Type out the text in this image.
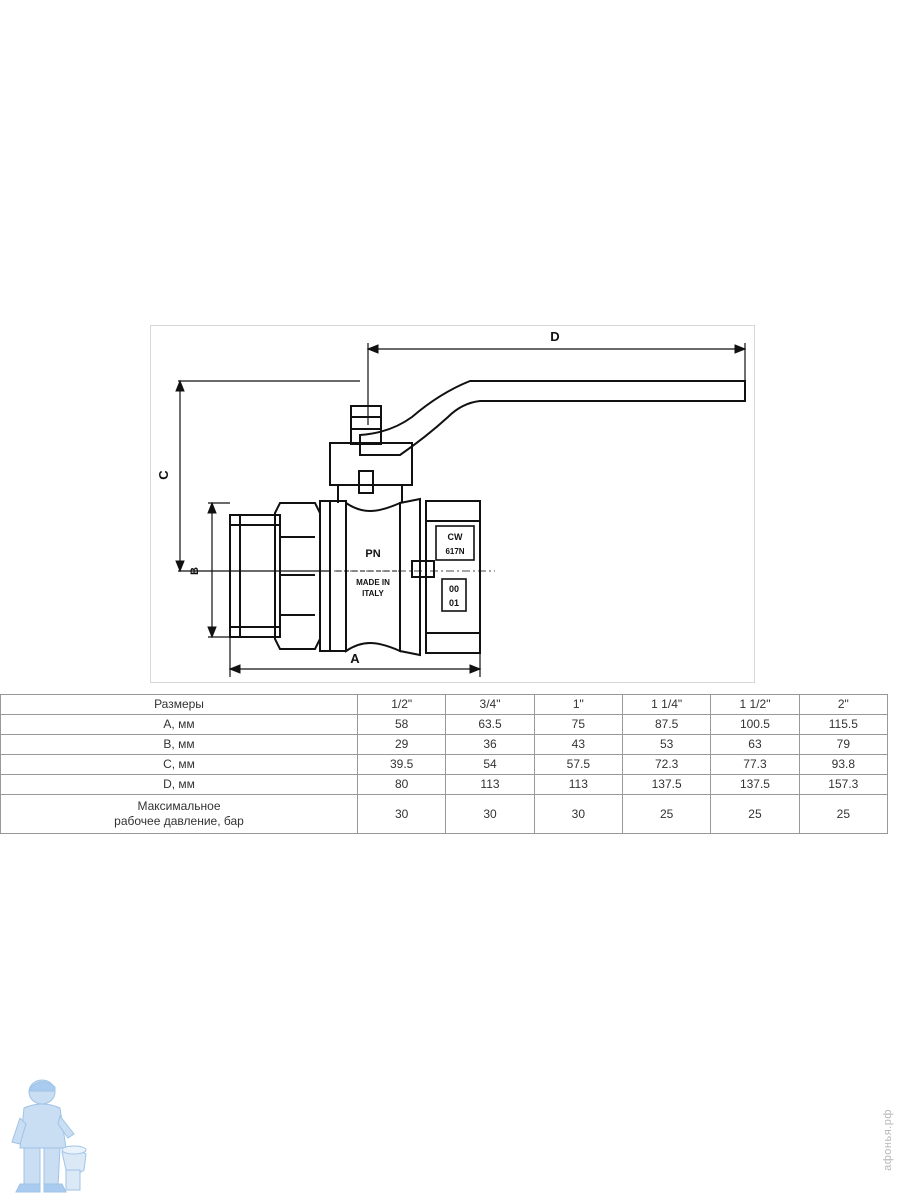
A
B
C
D
PN
MADE IN
ITALY
CW
617N
00
01
Размеры	1/2"	3/4"	1"	1 1/4"	1 1/2"	2"
A, мм	58	63.5	75	87.5	100.5	115.5
B, мм	29	36	43	53	63	79
C, мм	39.5	54	57.5	72.3	77.3	93.8
D, мм	80	113	113	137.5	137.5	157.3

Максимальное
рабочее давление, бар	30	30	30	25	25	25
афонья.рф
